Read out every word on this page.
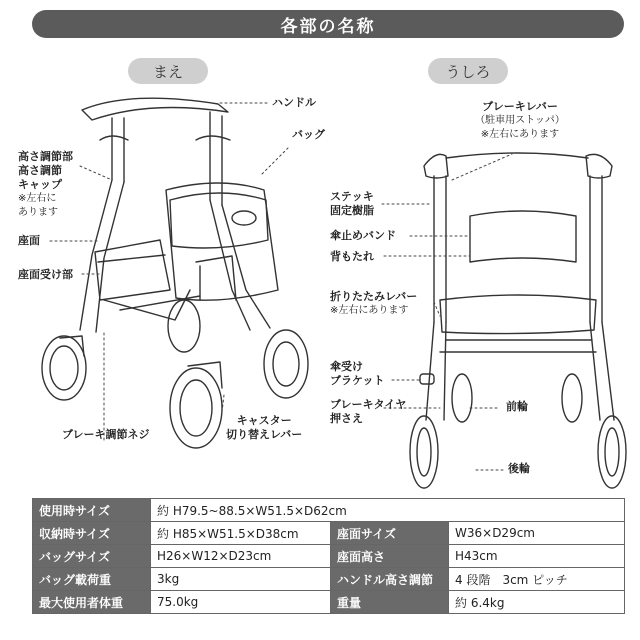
各部の名称
まえ	うしろ
ハンドル
バッグ
高さ調節部
高さ調節
キャップ
※左右に
あります
座面
座面受け部
ブレーキ調節ネジ
キャスター
切り替えレバー
ブレーキレバー
（駐車用ストッパ）
※左右にあります
ステッキ
固定樹脂
傘止めバンド
背もたれ
折りたたみレバー
※左右にあります
傘受け
ブラケット
ブレーキタイヤ
押さえ
前輪
後輪
使用時サイズ	約 H79.5~88.5×W51.5×D62cm		
収納時サイズ	約 H85×W51.5×D38cm	座面サイズ	W36×D29cm
バッグサイズ	H26×W12×D23cm	座面高さ	H43cm
バッグ載荷重	3kg	ハンドル高さ調節	4 段階　3cm ピッチ
最大使用者体重	75.0kg	重量	約 6.4kg
